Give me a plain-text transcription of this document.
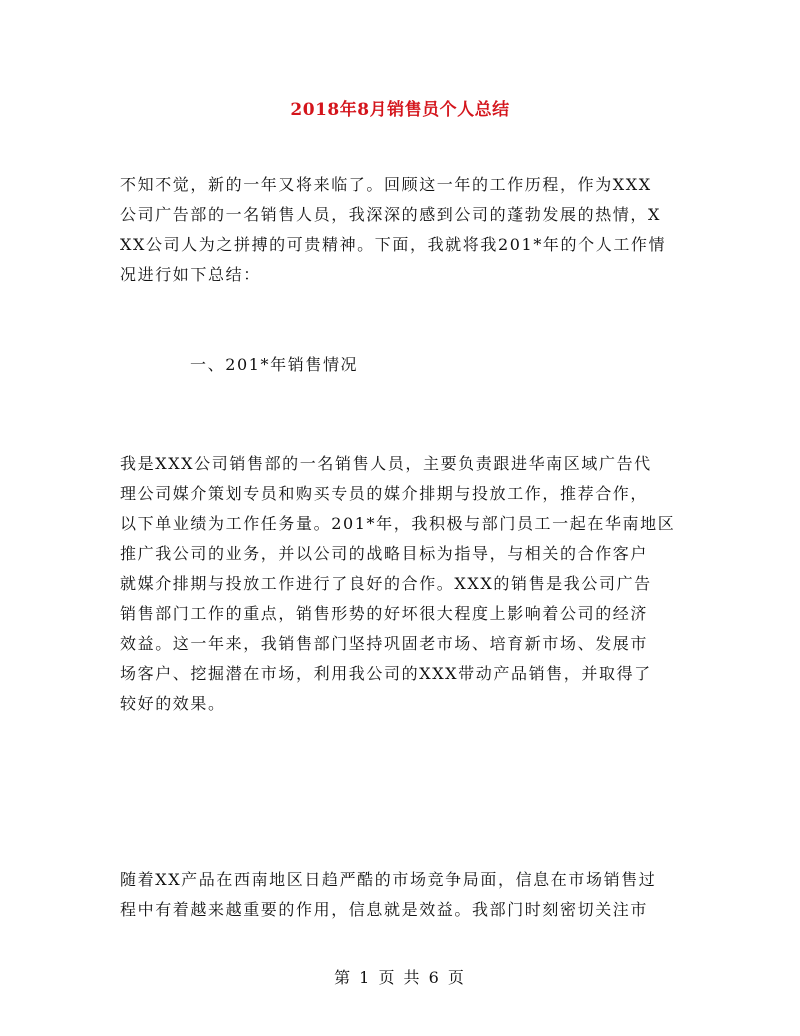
2018年8月销售员个人总结
不知不觉，新的一年又将来临了。回顾这一年的工作历程，作为XXX
公司广告部的一名销售人员，我深深的感到公司的蓬勃发展的热情，X
XX公司人为之拼搏的可贵精神。下面，我就将我201*年的个人工作情
况进行如下总结：
一、201*年销售情况
我是XXX公司销售部的一名销售人员，主要负责跟进华南区域广告代
理公司媒介策划专员和购买专员的媒介排期与投放工作，推荐合作，
以下单业绩为工作任务量。201*年，我积极与部门员工一起在华南地区
推广我公司的业务，并以公司的战略目标为指导，与相关的合作客户
就媒介排期与投放工作进行了良好的合作。XXX的销售是我公司广告
销售部门工作的重点，销售形势的好坏很大程度上影响着公司的经济
效益。这一年来，我销售部门坚持巩固老市场、培育新市场、发展市
场客户、挖掘潜在市场，利用我公司的XXX带动产品销售，并取得了
较好的效果。
随着XX产品在西南地区日趋严酷的市场竞争局面，信息在市场销售过
程中有着越来越重要的作用，信息就是效益。我部门时刻密切关注市
第 1 页 共 6 页
